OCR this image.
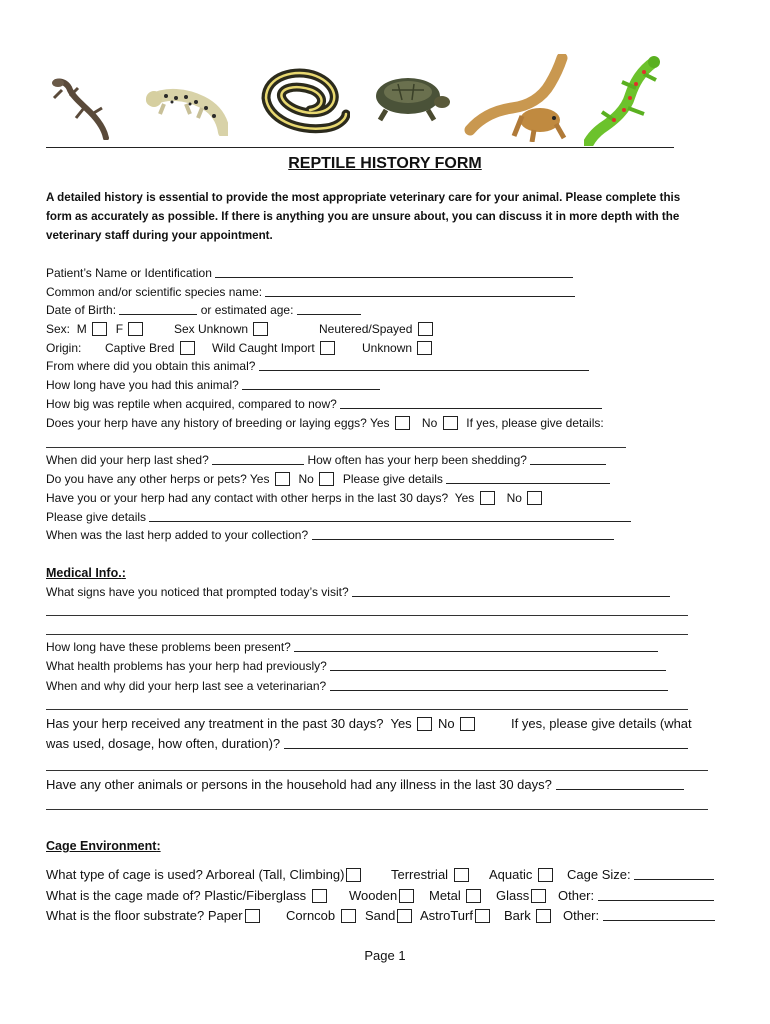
REPTILE HISTORY FORM
A detailed history is essential to provide the most appropriate veterinary care for your animal. Please complete this
form as accurately as possible. If there is anything you are unsure about, you can discuss it in more depth with the
veterinary staff during your appointment.
Patient’s Name or Identification
Common and/or scientific species name:
Date of Birth:	or estimated age:
Sex: M F	Sex Unknown	Neutered/Spayed
Origin: Captive Bred	Wild Caught Import	Unknown
From where did you obtain this animal?
How long have you had this animal?
How big was reptile when acquired, compared to now?
Does your herp have any history of breeding or laying eggs? Yes	No If yes, please give details:
When did your herp last shed?	How often has your herp been shedding?
Do you have any other herps or pets? Yes No Please give details
Have you or your herp had any contact with other herps in the last 30 days? Yes	No
Please give details
When was the last herp added to your collection?
Medical Info.:
What signs have you noticed that prompted today’s visit?
How long have these problems been present?
What health problems has your herp had previously?
When and why did your herp last see a veterinarian?
Has your herp received any treatment in the past 30 days? Yes No	If yes, please give details (what
was used, dosage, how often, duration)?
Have any other animals or persons in the household had any illness in the last 30 days?
Cage Environment:
What type of cage is used? Arboreal (Tall, Climbing)	Terrestrial	Aquatic	Cage Size:
What is the cage made of? Plastic/Fiberglass	Wooden	Metal	Glass	Other:
What is the floor substrate? Paper	Corncob	Sand	AstroTurf	Bark	Other:
Page 1
